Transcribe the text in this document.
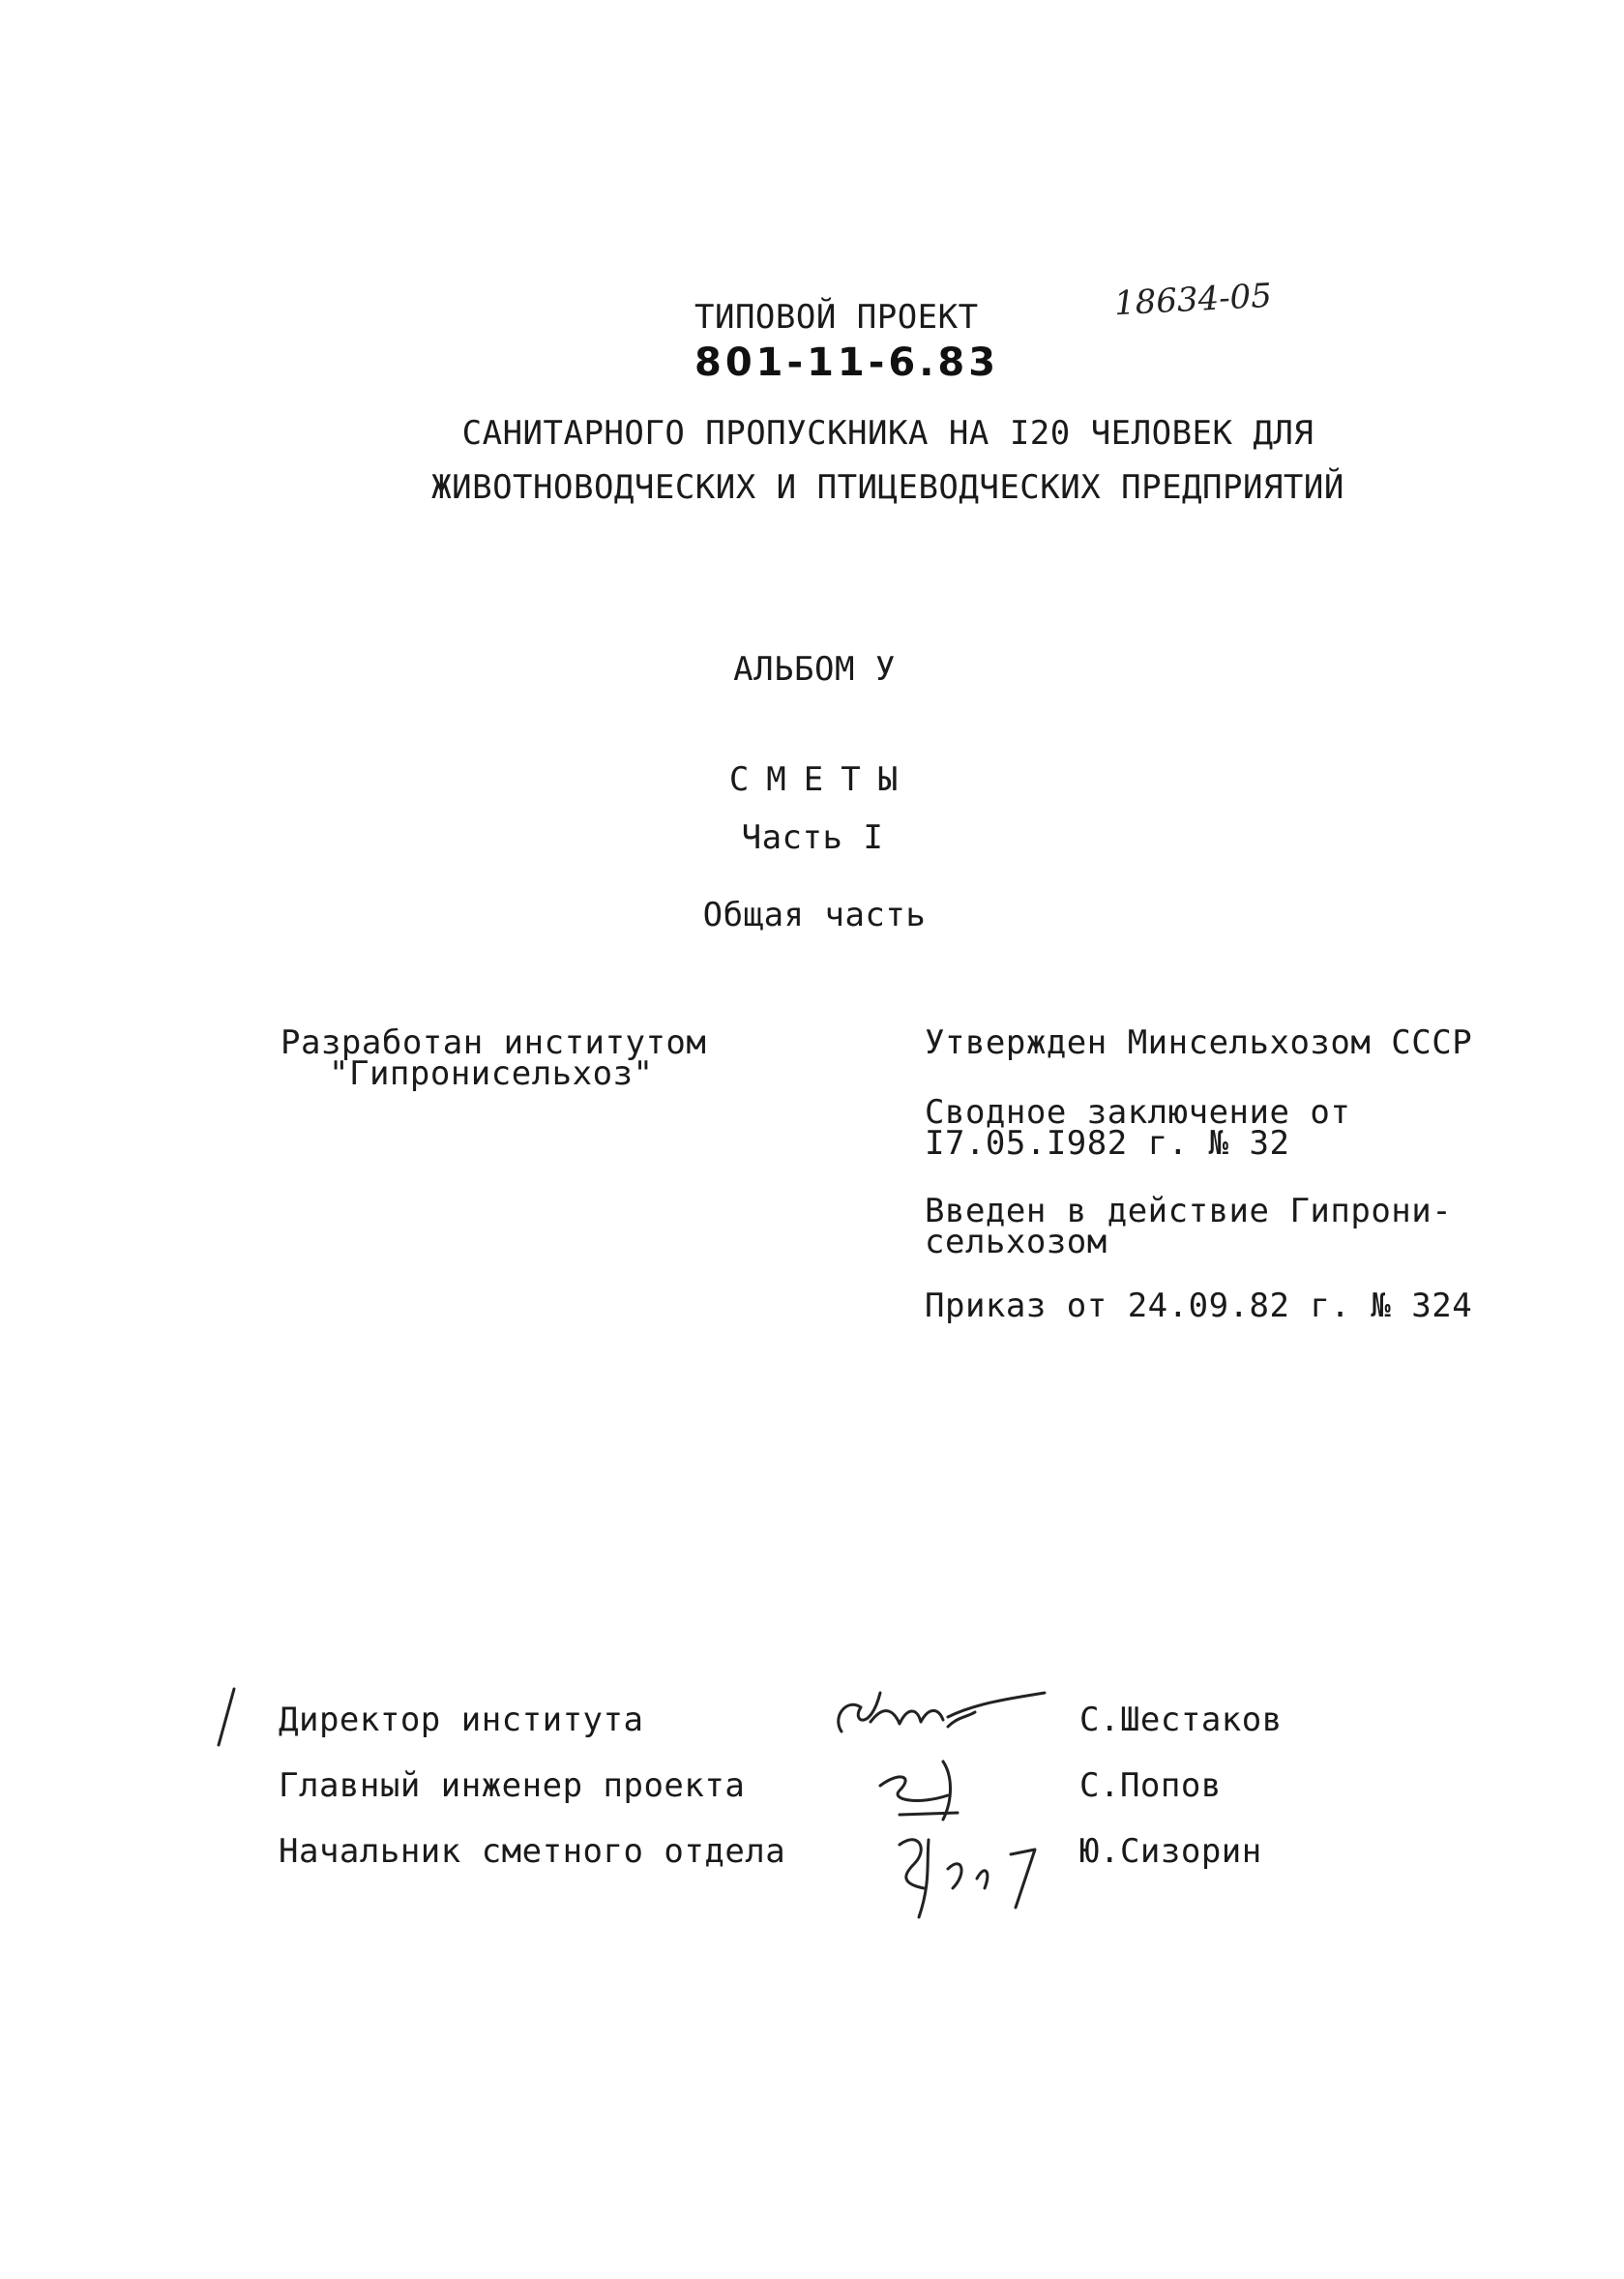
ТИПОВОЙ ПРОЕКТ	18634-05
801-11-6.83
САНИТАРНОГО ПРОПУСКНИКА НА I20 ЧЕЛОВЕК ДЛЯ
ЖИВОТНОВОДЧЕСКИХ И ПТИЦЕВОДЧЕСКИХ ПРЕДПРИЯТИЙ
АЛЬБОМ У
СМЕТЫ
Часть I
Общая часть
Разработан институтом
"Гипронисельхоз"
Утвержден Минсельхозом СССР
Сводное заключение от
I7.05.I982 г. № 32
Введен в действие Гипрони-
сельхозом
Приказ от 24.09.82 г. № 324
Директор института
Главный инженер проекта
Начальник сметного отдела
С.Шестаков
С.Попов
Ю.Сизорин
